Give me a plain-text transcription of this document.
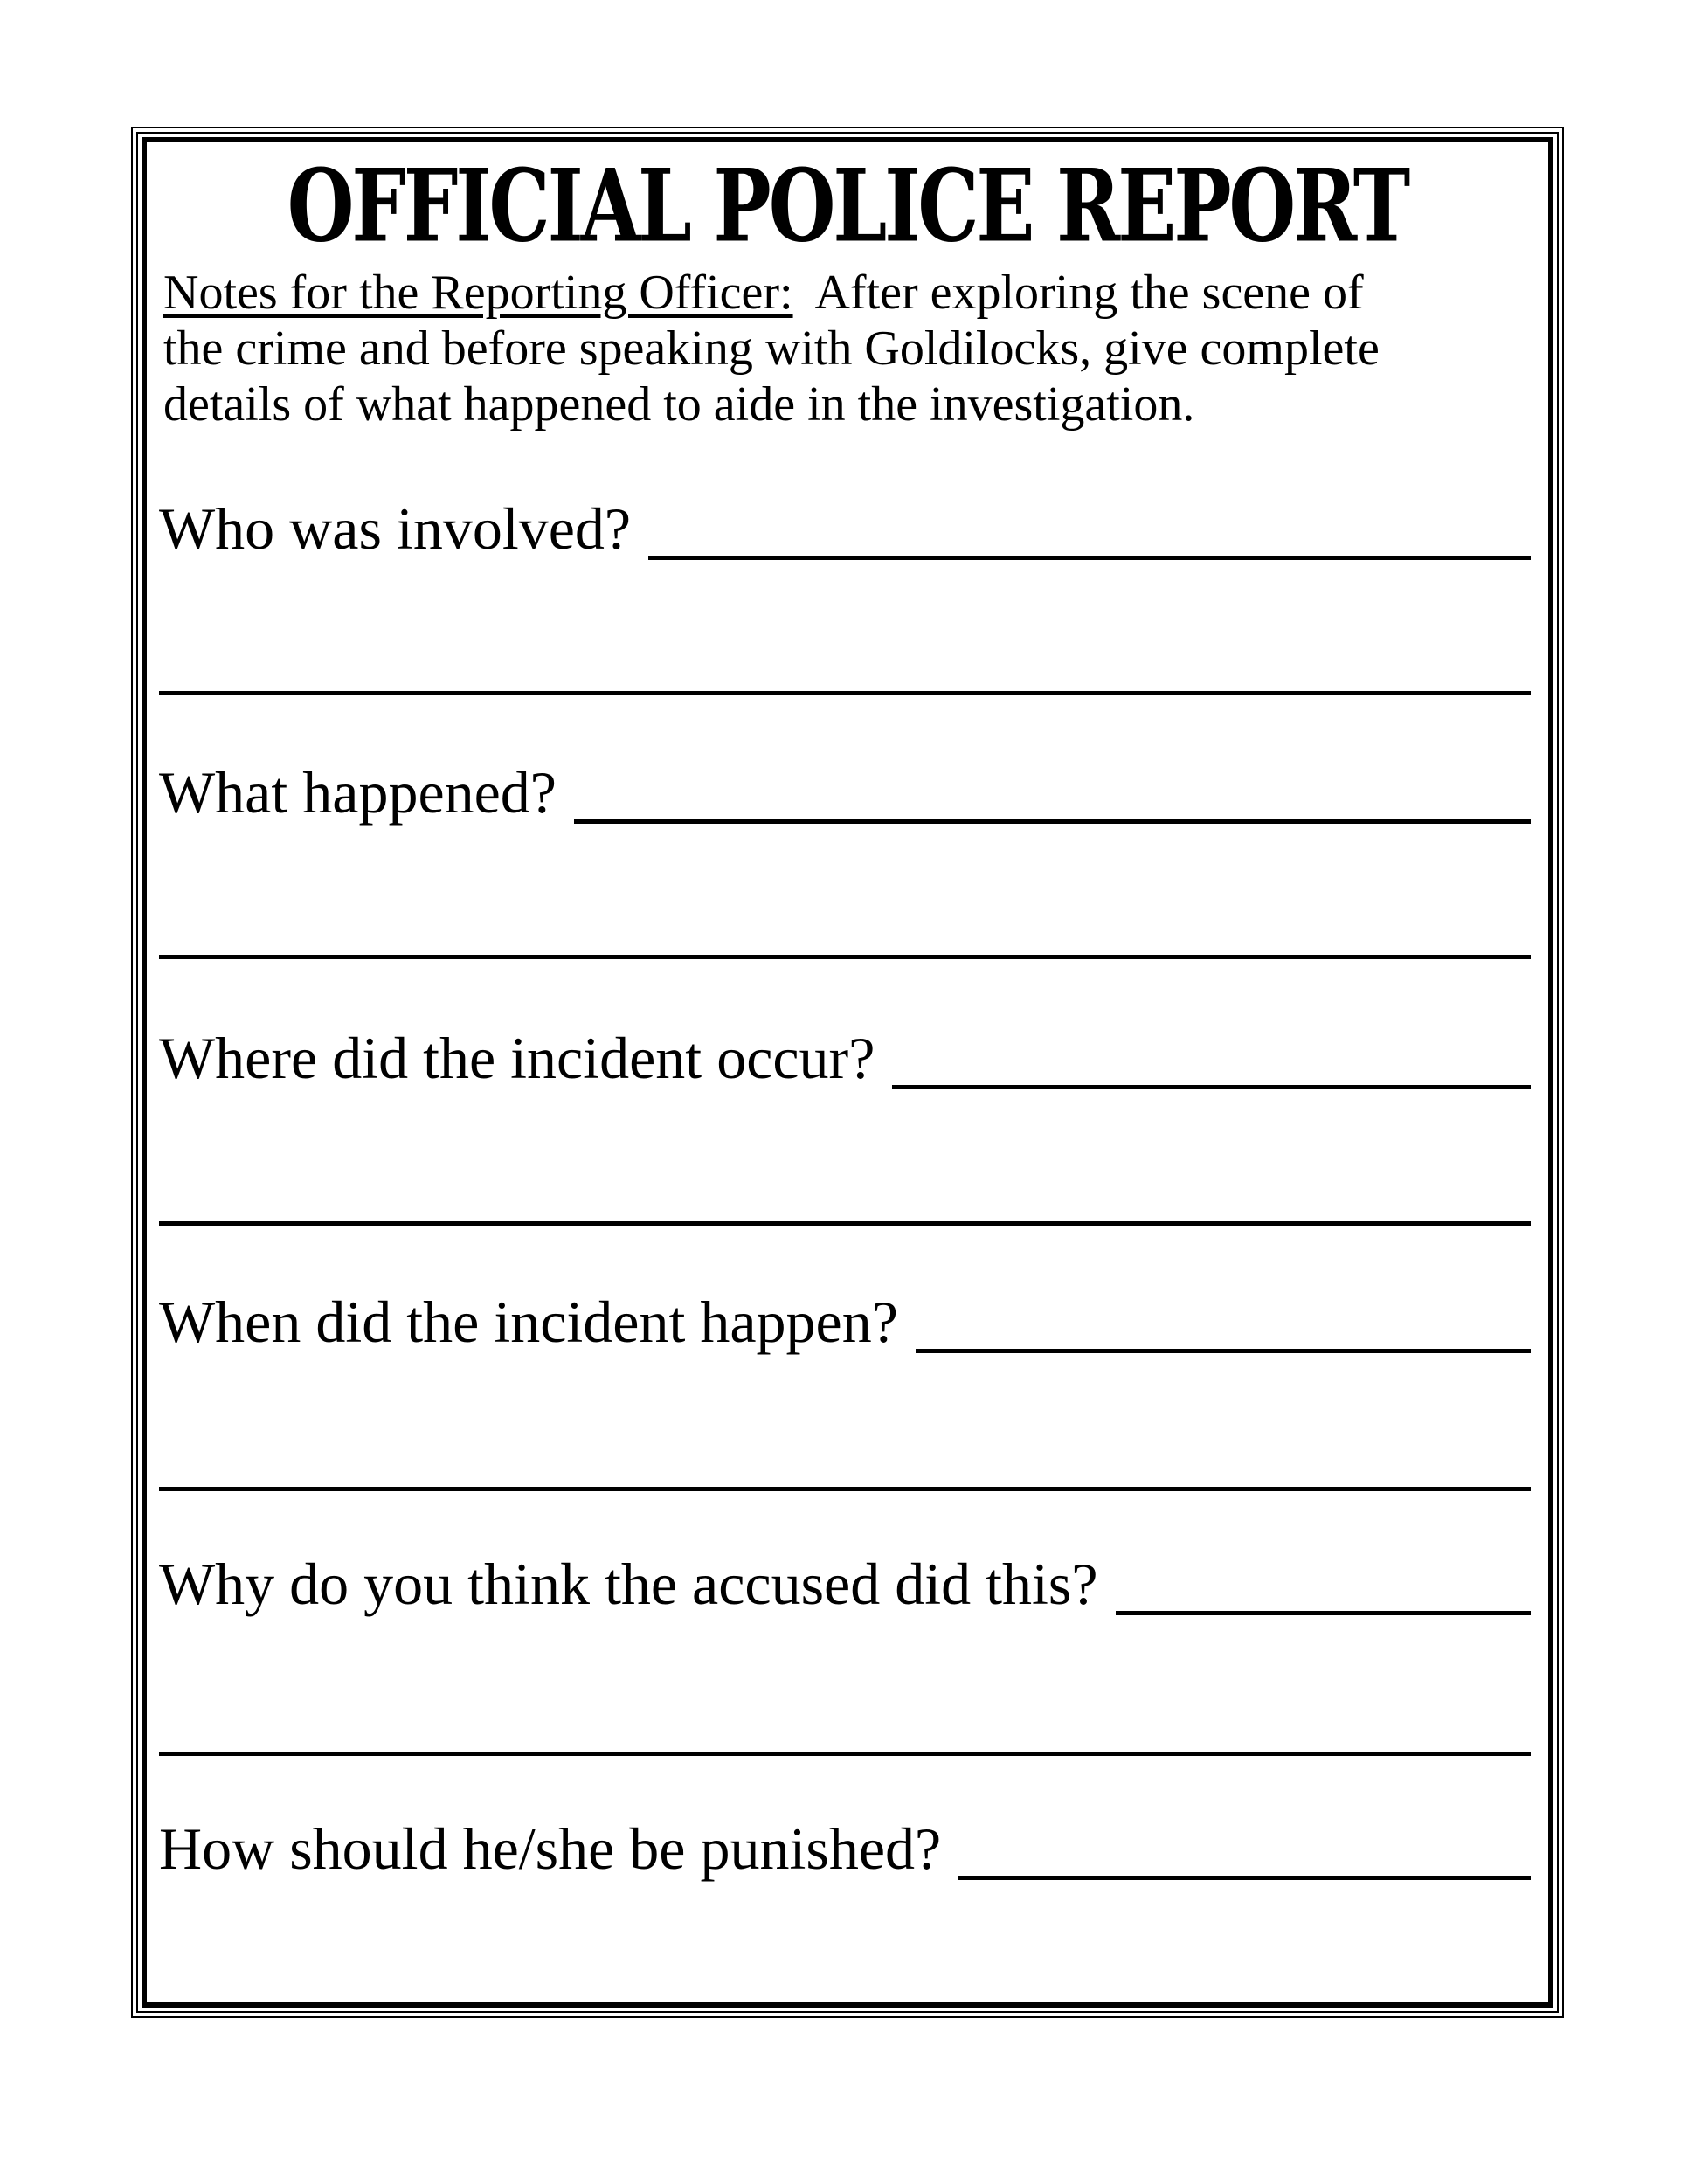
OFFICIAL POLICE REPORT
Notes for the Reporting Officer:  After exploring the scene of
the crime and before speaking with Goldilocks, give complete
details of what happened to aide in the investigation.
Who was involved?
What happened?
Where did the incident occur?
When did the incident happen?
Why do you think the accused did this?
How should he/she be punished?
